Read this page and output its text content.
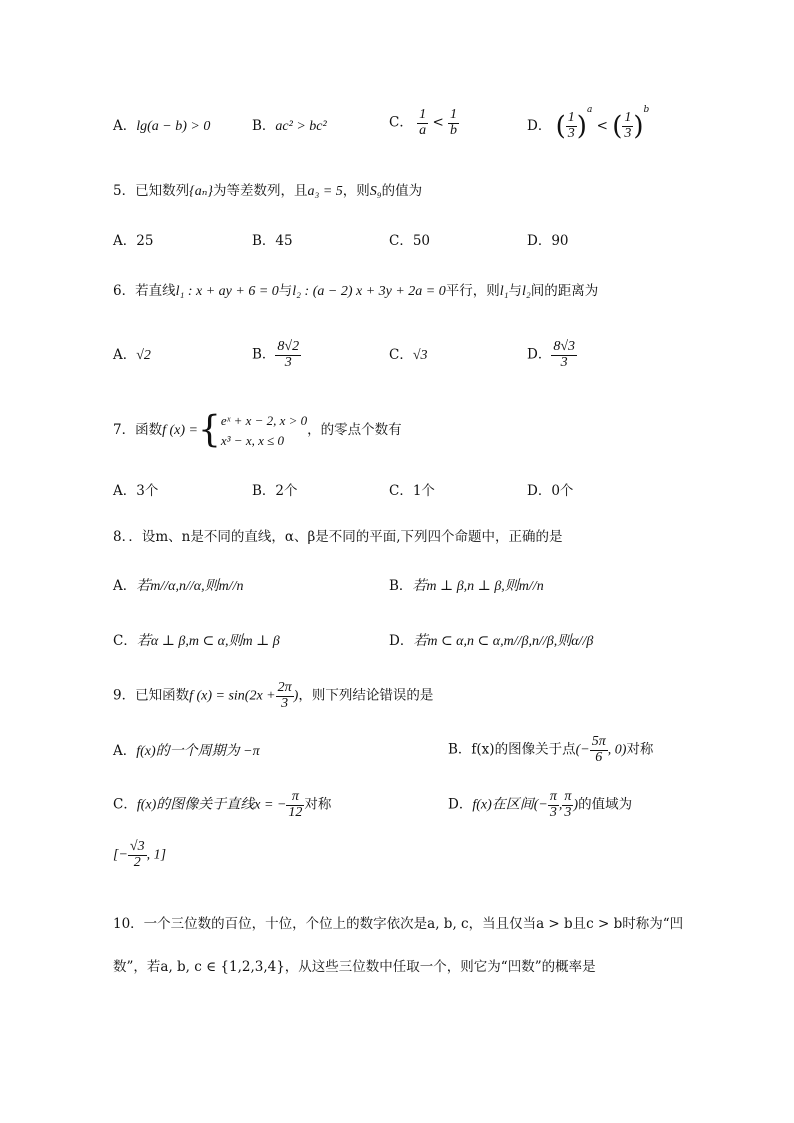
A．lg(a − b) > 0	B．ac² > bc²	C． $\frac{1}{a} < \frac{1}{b}$	D． ( $\frac{1}{3} )^a$ < ( $\frac{1}{3} )^b$
5．已知数列{aₙ}为等差数列，且a₃ = 5，则S₉的值为
A．25	B．45	C．50	D．90
6．若直线l₁ : x + ay + 6 = 0与l₂ : (a − 2) x + 3y + 2a = 0平行，则l₁与l₂间的距离为
A．√2	B． $\frac{8√2}{3}$	C．√3	D． $\frac{8√3}{3}$
7．函数f (x) ={ eˣ + x − 2, x > 0
x³ − x, x ≤ 0
，的零点个数有
A．3个	B．2个	C．1个	D．0个
8．．设m、n是不同的直线，α、β是不同的平面,下列四个命题中，正确的是
A．若m//α,n//α,则m//n	B．若m ⊥ β,n ⊥ β,则m//n
C．若α ⊥ β,m ⊂ α,则m ⊥ β	D．若m ⊂ α,n ⊂ α,m//β,n//β,则α//β
9．已知函数f $(x) = \sin(2x + \frac{2\pi}{3}$ )，则下列结论错误的是
A．f(x)的一个周期为 −π	B．f(x)的图像关于点(− $\frac{5\pi}{6}$ , 0)对称
C．f(x)的图像关于直线x = − $\frac{\pi}{12}$ 对称	D．f(x)在区间(− $\frac{\pi}{3}$ , $\frac{\pi}{3}$ )的值域为
[− $\frac{√3}{2}$ , 1]
10．一个三位数的百位，十位，个位上的数字依次是a, b, c，当且仅当a > b且c > b时称为“凹
数”，若a, b, c ∈ {1,2,3,4}，从这些三位数中任取一个，则它为“凹数”的概率是
